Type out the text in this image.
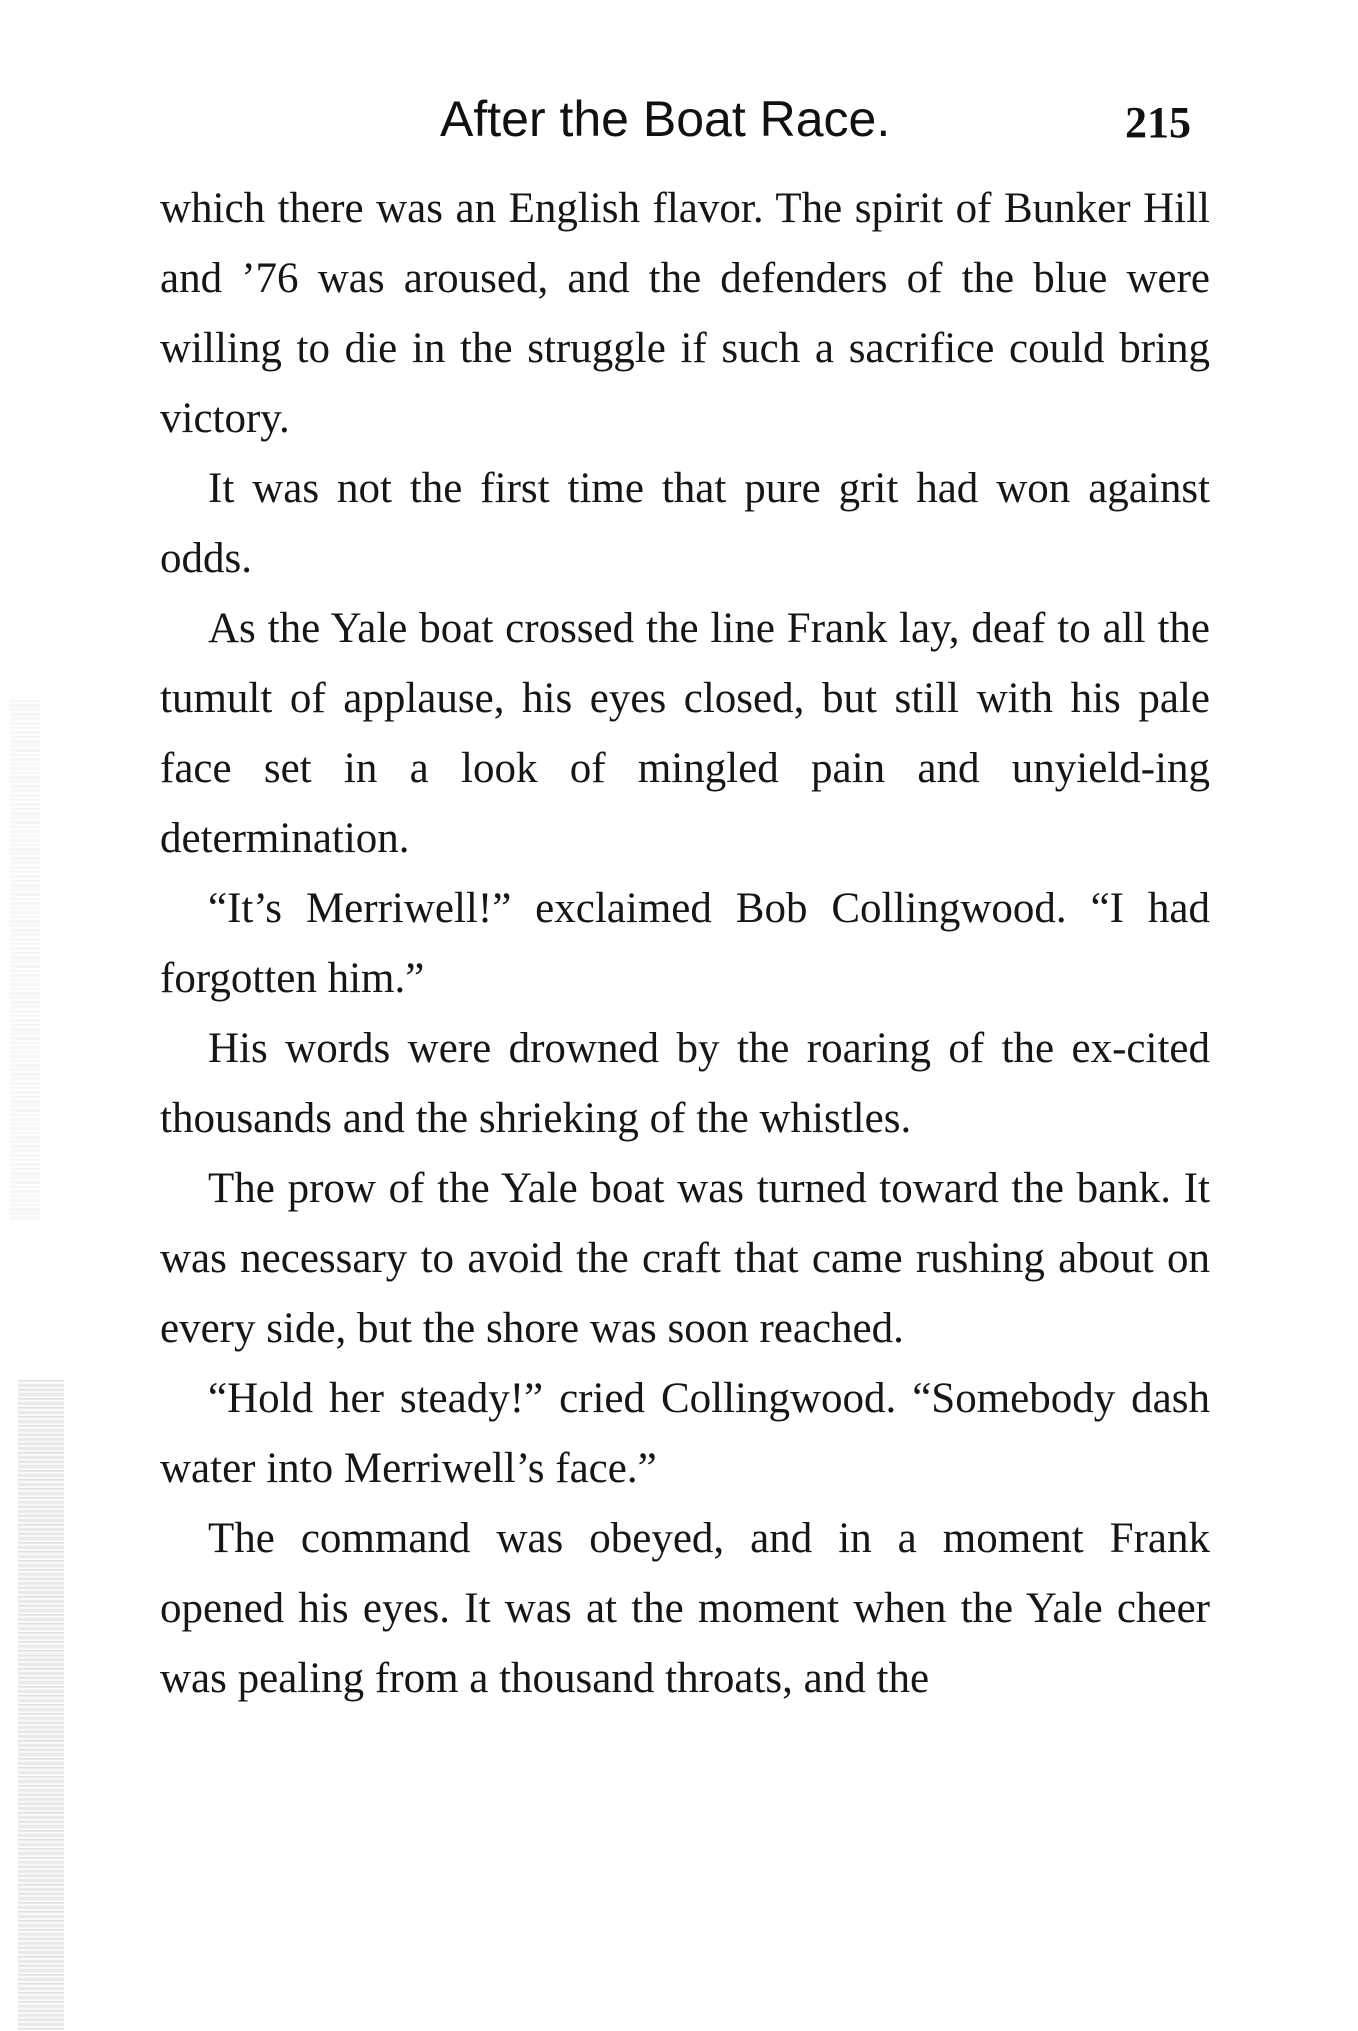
After the Boat Race.	215

which there was an English flavor. The spirit of Bunker Hill and ’76 was aroused, and the defenders of the blue were willing to die in the struggle if such a sacrifice could bring victory.

It was not the first time that pure grit had won against odds.

As the Yale boat crossed the line Frank lay, deaf to all the tumult of applause, his eyes closed, but still with his pale face set in a look of mingled pain and unyield-ing determination.

“It’s Merriwell!” exclaimed Bob Collingwood. “I had forgotten him.”

His words were drowned by the roaring of the ex-cited thousands and the shrieking of the whistles.

The prow of the Yale boat was turned toward the bank. It was necessary to avoid the craft that came rushing about on every side, but the shore was soon reached.

“Hold her steady!” cried Collingwood. “Somebody dash water into Merriwell’s face.”

The command was obeyed, and in a moment Frank opened his eyes. It was at the moment when the Yale cheer was pealing from a thousand throats, and the
